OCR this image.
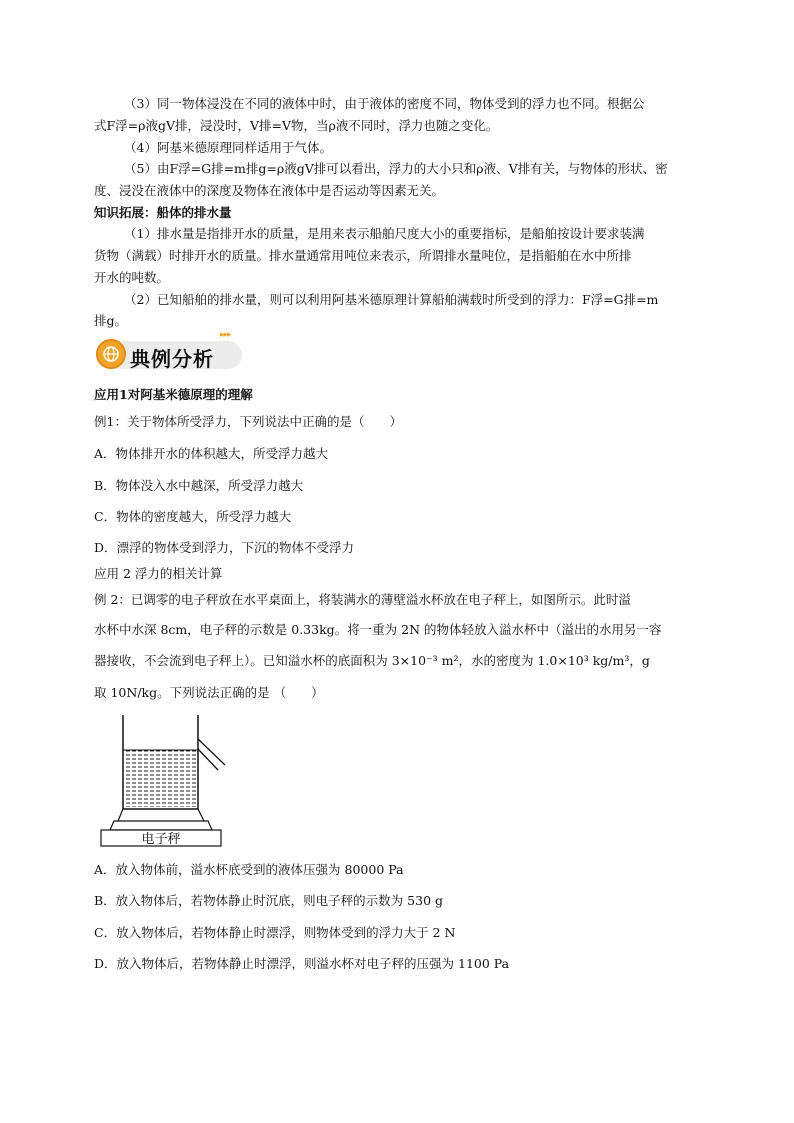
（3）同一物体浸没在不同的液体中时，由于液体的密度不同，物体受到的浮力也不同。根据公
式F浮=ρ液gV排，浸没时，V排=V物，当ρ液不同时，浮力也随之变化。
（4）阿基米德原理同样适用于气体。
（5）由F浮=G排=m排g=ρ液gV排可以看出，浮力的大小只和ρ液、V排有关，与物体的形状、密
度、浸没在液体中的深度及物体在液体中是否运动等因素无关。
知识拓展：船体的排水量
（1）排水量是指排开水的质量，是用来表示船舶尺度大小的重要指标，是船舶按设计要求装满
货物（满载）时排开水的质量。排水量通常用吨位来表示，所谓排水量吨位，是指船舶在水中所排
开水的吨数。
（2）已知船舶的排水量，则可以利用阿基米德原理计算船舶满载时所受到的浮力：F浮=G排=m
排g。
典例分析
▸▸▸
应用1对阿基米德原理的理解
例1：关于物体所受浮力，下列说法中正确的是（　　）
A．物体排开水的体积越大，所受浮力越大
B．物体没入水中越深，所受浮力越大
C．物体的密度越大，所受浮力越大
D．漂浮的物体受到浮力，下沉的物体不受浮力
应用 2 浮力的相关计算
例 2：已调零的电子秤放在水平桌面上，将装满水的薄壁溢水杯放在电子秤上，如图所示。此时溢
水杯中水深 8cm，电子秤的示数是 0.33kg。将一重为 2N 的物体轻放入溢水杯中（溢出的水用另一容
器接收，不会流到电子秤上）。已知溢水杯的底面积为 3×10⁻³ m²，水的密度为 1.0×10³ kg/m³，g
取 10N/kg。下列说法正确的是 （　　）
电子秤
A．放入物体前，溢水杯底受到的液体压强为 80000 Pa
B．放入物体后，若物体静止时沉底，则电子秤的示数为 530 g
C．放入物体后，若物体静止时漂浮，则物体受到的浮力大于 2 N
D．放入物体后，若物体静止时漂浮，则溢水杯对电子秤的压强为 1100 Pa
